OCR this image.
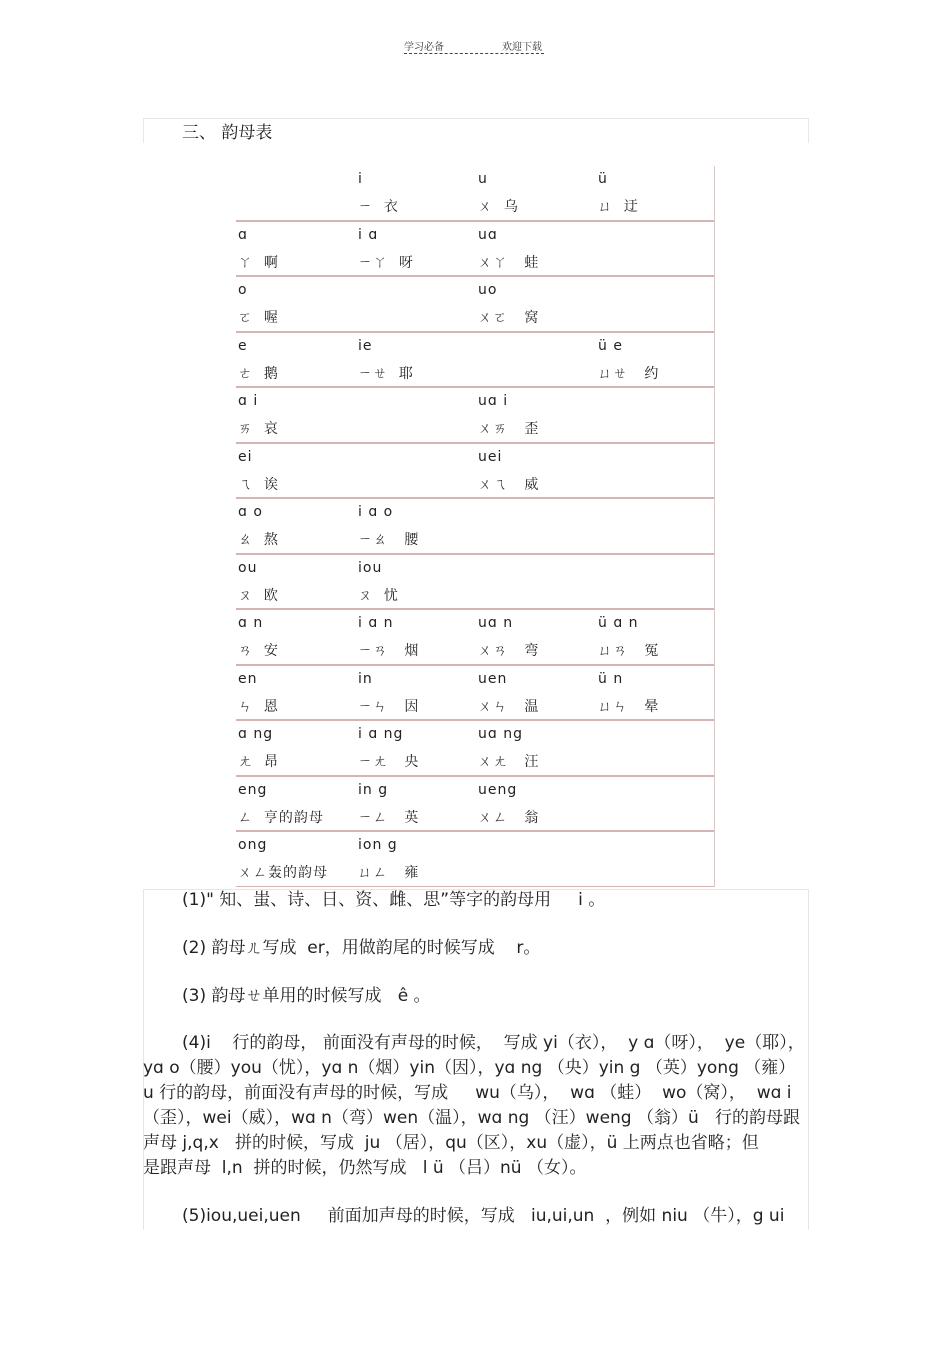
学习必备	欢迎下载
三、 韵母表
i
ㄧ  衣
u
ㄨ  乌
ü
ㄩ  迂
ɑ
ㄚ  啊
i ɑ
ㄧㄚ  呀
uɑ
ㄨㄚ   蛙
o
ㄛ  喔
uo
ㄨㄛ   窝
e
ㄜ  鹅
ie
ㄧㄝ  耶
ü e
ㄩㄝ   约
ɑ i
ㄞ  哀
uɑ i
ㄨㄞ   歪
ei
ㄟ  诶
uei
ㄨㄟ   威
ɑ o
ㄠ  熬
i ɑ o
ㄧㄠ   腰
ou
ㄡ  欧
iou
ㄡ  忧
ɑ n
ㄢ  安
i ɑ n
ㄧㄢ   烟
uɑ n
ㄨㄢ   弯
ü ɑ n
ㄩㄢ   冤
en
ㄣ  恩
in
ㄧㄣ   因
uen
ㄨㄣ   温
ü n
ㄩㄣ   晕
ɑ ng
ㄤ  昂
i ɑ ng
ㄧㄤ   央
uɑ ng
ㄨㄤ   汪
eng
ㄥ  亨的韵母
in g
ㄧㄥ   英
ueng
ㄨㄥ   翁
ong
ㄨㄥ轰的韵母
ion g
ㄩㄥ   雍
(1)" 知、蚩、诗、日、资、雌、思”等字的韵母用     i 。
(2) 韵母ㄦ写成  er，用做韵尾的时候写成    r。
(3) 韵母ㄝ单用的时候写成   ê 。
(4)i    行的韵母， 前面没有声母的时候，  写成 yi（衣），  y ɑ（呀），  ye（耶），
yɑ o（腰）you（忧），yɑ n（烟）yin（因），yɑ ng （央）yin g （英）yong （雍）
u 行的韵母，前面没有声母的时候，写成     wu（乌），  wɑ （蛙）  wo（窝），  wɑ i
（歪），wei（威），wɑ n（弯）wen（温），wɑ ng （汪）weng （翁）ü   行的韵母跟
声母 j,q,x   拼的时候，写成  ju （居），qu（区），xu（虚），ü 上两点也省略；但
是跟声母  l,n  拼的时候，仍然写成   l ü （吕）nü （女）。
(5)iou,uei,uen     前面加声母的时候，写成   iu,ui,un  ，例如 niu （牛），g ui
